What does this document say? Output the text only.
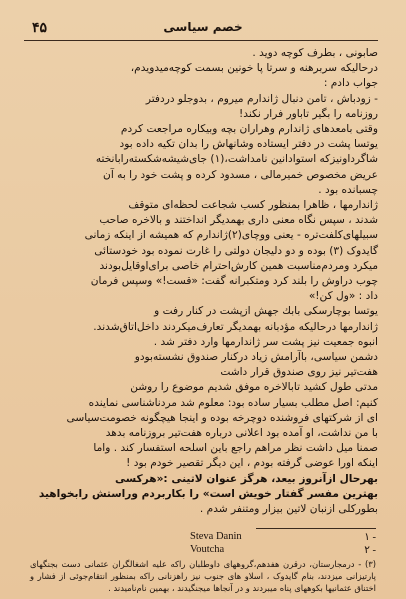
۴۵	خصم سیاسی

صابونی ، بطرف کوچه دوید .

درحالیکه سربرهنه و سرتا پا خونین بسمت کوچه‌میدویدم،

جواب دادم :

- زودباش ، تامن دنبال ژاندارم میروم ، بدوجلو دردفتر

روزنامه را بگیر تاباور فرار نکند!

وقتی بامعدهای ژاندارم وهراران بچه وبیکاره مراجعت کردم

یوتسا پشت در دفتر ایستاده وشانهاش را بدان تکیه داده بود

شاگرداونیزکه استوادانین نامداشت،(۱) جای‌شیشه‌شکسته‌رابانخته

عریض مخصوص خمیرمالی ، مسدود کرده و پشت خود را به آن

چسبانده بود .

ژاندارمها ، ظاهرا بمنظور کسب شجاعت لحظه‌ای متوقف

شدند ، سپس نگاه معنی داری بهمدیگر انداختند و بالاخره صاحب

سبیلهای‌کلفت‌تره - یعنی ووچای(۲)ژاندارم که همیشه از اینکه زمانی

گایدوک (۳) بوده و دو دلیجان دولتی را غارت نموده بود خودستائی

میکرد ومردم‌مناسبت همین کارش‌احترام خاصی برای‌اوقایل‌بودند

چوب دراوش را بلند کرد ومتکبرانه گفت: «قست!» وسپس فرمان

داد : «ول کن!»

یوتسا بوچارسکی بابك جهش ازپشت در کنار رفت و

ژاندارمها درحالیکه مؤدبانه بهمدیگر تعارف‌میکردند داخل‌اتاق‌شدند.

انبوه جمعیت نیز پشت سر ژاندارمها وارد دفتر شد .

دشمن سیاسی، باآرامش زیاد درکنار صندوق نشسته‌بودو

هفت‌تیر نیز روی صندوق قرار داشت

مدتی طول کشید تابالاخره موفق شدیم موضوع را روشن

کنیم: اصل مطلب بسیار ساده بود: معلوم شد مردناشناسی نماینده

ای از شرکتهای فروشنده دوچرخه بوده و اینجا هیچگونه خصومت‌سیاسی

با من نداشت، او آمده بود اعلانی درباره هفت‌تیر بروزنامه بدهد

صمنا میل داشت نظر مراهم راجع باین اسلحه استفسار کند . واما

اینکه اورا عوضی گرفته بودم ، این دیگر تقصیر خودم بود !

بهرحال ازآنروز بیعد، هرگز عنوان لاتینی :«هرکسی

بهترین مفسر گفتار خویش است» را بکاربردم وراستش رابخواهید

بطورکلی ازنبان لاتین بیزار ومتنفر شدم .

۱ -
Steva Danin
۲ -
Voutcha
(۳) - درمجارستان، درقرن هفدهم،گروههای داوطلبان راکه علیه اشغالگران عثمانی دست بجنگهای پارتیزانی میزدند، بنام گایدوک ، اسلاو های جنوب نیز راهزنانی راکه بمنظور انتقام‌جوئی از فشار و اختناق عثمانیها بکوههای پناه میبردند و در آنجاها میجنگیدند ، بهمین نام‌نامیدند .
